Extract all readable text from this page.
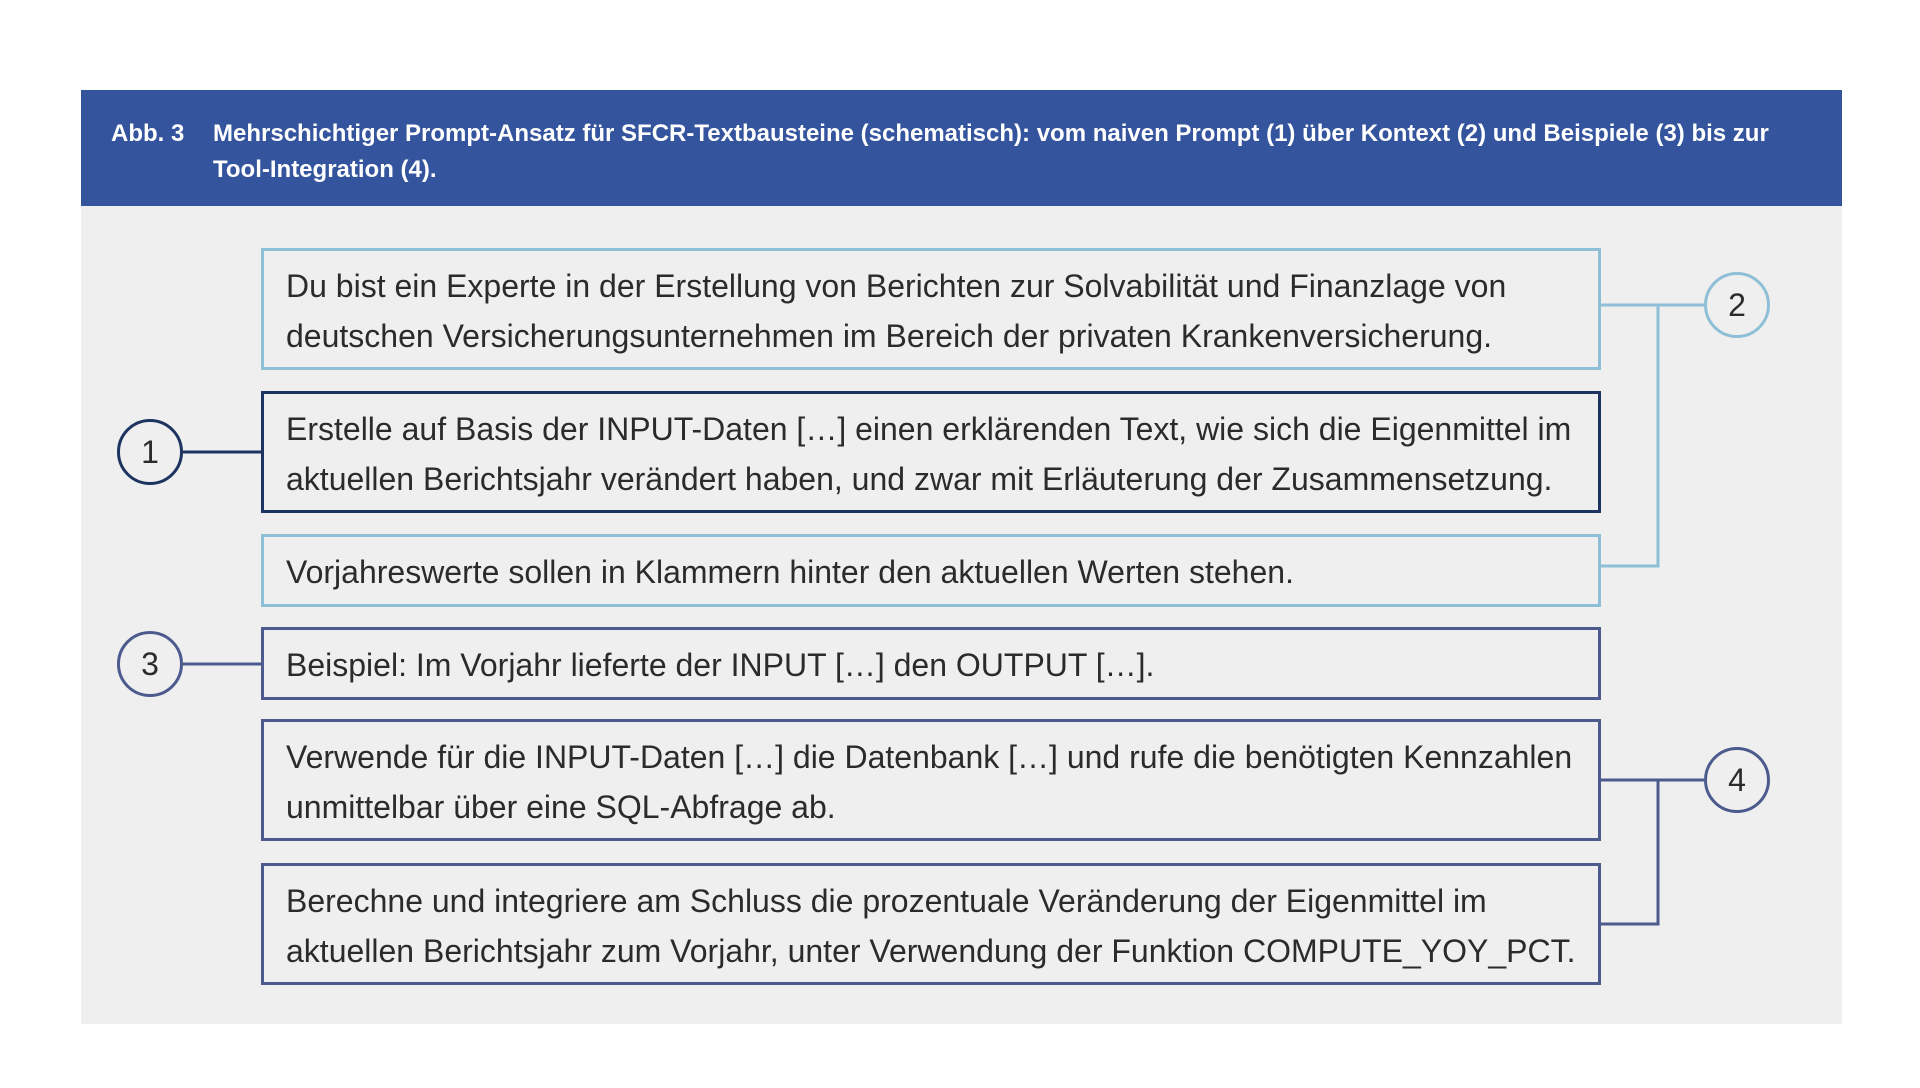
Abb. 3 Mehrschichtiger Prompt-Ansatz für SFCR-Textbausteine (schematisch): vom naiven Prompt (1) über Kontext (2) und Beispiele (3) bis zur Tool-Integration (4).

Du bist ein Experte in der Erstellung von Berichten zur Solvabilität und Finanzlage von deutschen Versicherungsunternehmen im Bereich der privaten Krankenversicherung.

Erstelle auf Basis der INPUT-Daten […] einen erklärenden Text, wie sich die Eigenmittel im aktuellen Berichtsjahr verändert haben, und zwar mit Erläuterung der Zusammensetzung.

Vorjahreswerte sollen in Klammern hinter den aktuellen Werten stehen.

Beispiel: Im Vorjahr lieferte der INPUT […] den OUTPUT […].

Verwende für die INPUT-Daten […] die Datenbank […] und rufe die benötigten Kennzahlen unmittelbar über eine SQL-Abfrage ab.

Berechne und integriere am Schluss die prozentuale Veränderung der Eigenmittel im aktuellen Berichtsjahr zum Vorjahr, unter Verwendung der Funktion COMPUTE_YOY_PCT.

1
2
3
4
